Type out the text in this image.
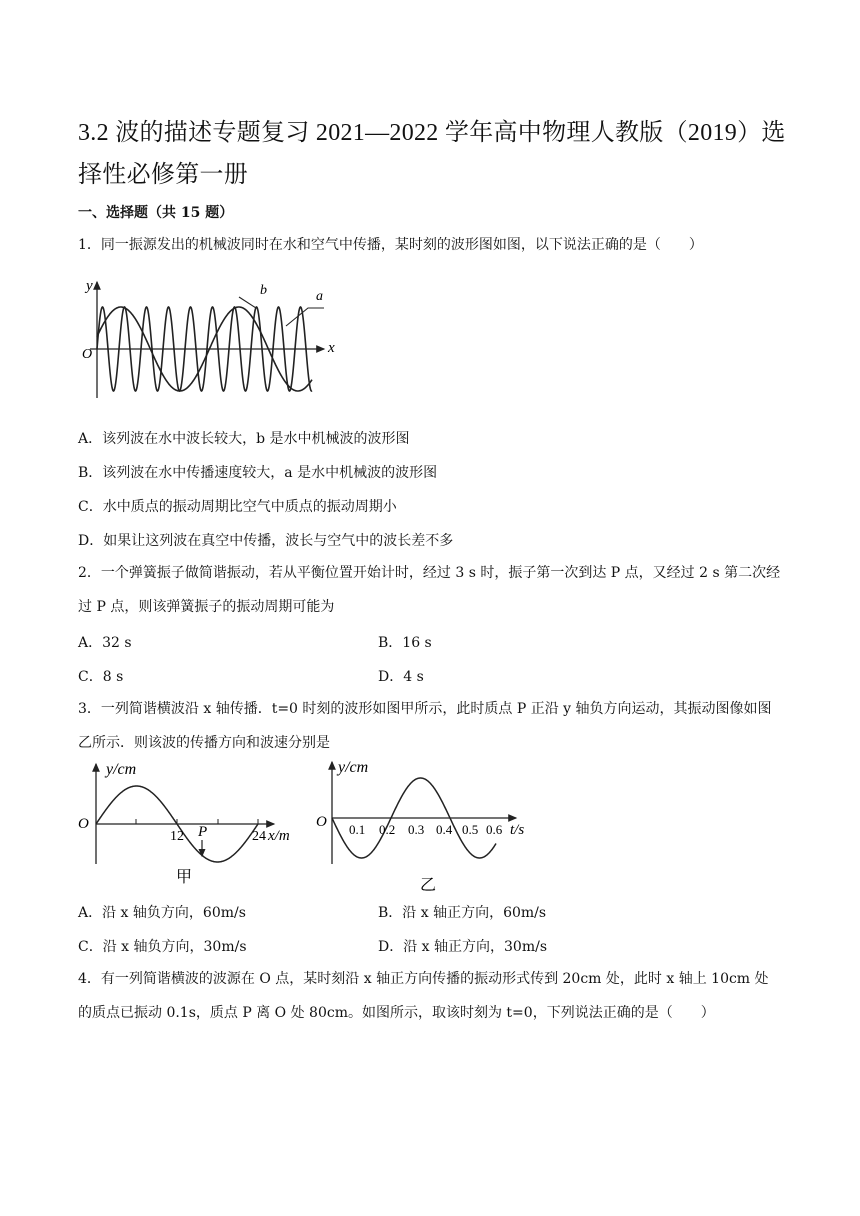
3.2 波的描述专题复习 2021—2022 学年高中物理人教版（2019）选择性必修第一册
一、选择题（共 15 题）
1．同一振源发出的机械波同时在水和空气中传播，某时刻的波形图如图，以下说法正确的是（　　）
y
x
O
b	a
A．该列波在水中波长较大，b 是水中机械波的波形图
B．该列波在水中传播速度较大，a 是水中机械波的波形图
C．水中质点的振动周期比空气中质点的振动周期小
D．如果让这列波在真空中传播，波长与空气中的波长差不多
2．一个弹簧振子做简谐振动，若从平衡位置开始计时，经过 3 s 时，振子第一次到达 P 点，又经过 2 s 第二次经过 P 点，则该弹簧振子的振动周期可能为
A．32 s	B．16 s
C．8 s	D．4 s
3．一列简谐横波沿 x 轴传播．t=0 时刻的波形如图甲所示，此时质点 P 正沿 y 轴负方向运动，其振动图像如图乙所示．则该波的传播方向和波速分别是
y/cm
O
12 P	24 x/m
甲
y/cm
O 0.1 0.2 0.3 0.4 0.5 0.6 t/s
乙
A．沿 x 轴负方向，60m/s	B．沿 x 轴正方向，60m/s
C．沿 x 轴负方向，30m/s	D．沿 x 轴正方向，30m/s
4．有一列简谐横波的波源在 O 点，某时刻沿 x 轴正方向传播的振动形式传到 20cm 处，此时 x 轴上 10cm 处的质点已振动 0.1s，质点 P 离 O 处 80cm。如图所示，取该时刻为 t=0，下列说法正确的是（　　）
